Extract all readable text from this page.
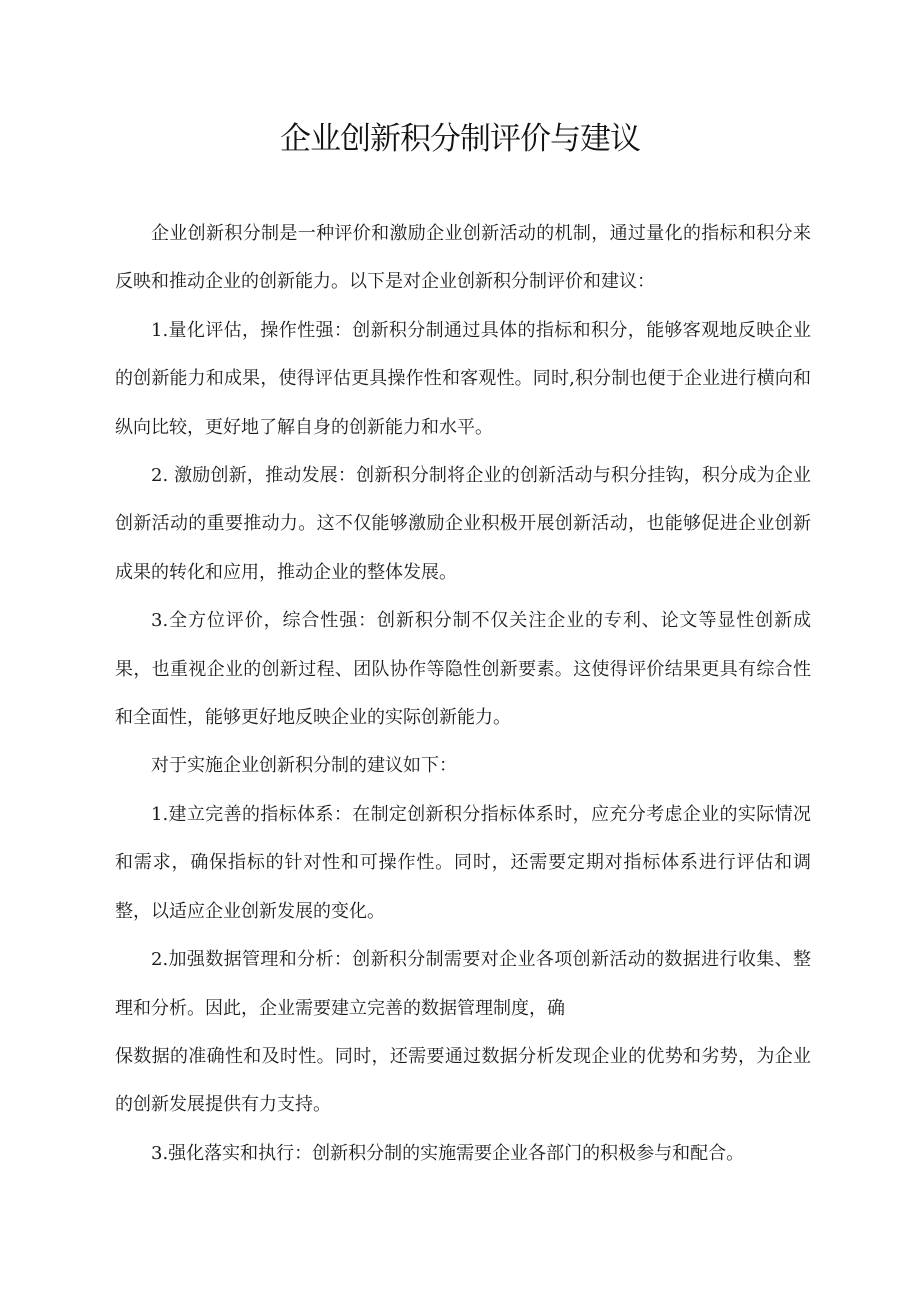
企业创新积分制评价与建议

企业创新积分制是一种评价和激励企业创新活动的机制，通过量化的指标和积分来反映和推动企业的创新能力。以下是对企业创新积分制评价和建议：

1.量化评估，操作性强：创新积分制通过具体的指标和积分，能够客观地反映企业的创新能力和成果，使得评估更具操作性和客观性。同时,积分制也便于企业进行横向和纵向比较，更好地了解自身的创新能力和水平。

2. 激励创新，推动发展：创新积分制将企业的创新活动与积分挂钩，积分成为企业创新活动的重要推动力。这不仅能够激励企业积极开展创新活动，也能够促进企业创新成果的转化和应用，推动企业的整体发展。

3.全方位评价，综合性强：创新积分制不仅关注企业的专利、论文等显性创新成果，也重视企业的创新过程、团队协作等隐性创新要素。这使得评价结果更具有综合性和全面性，能够更好地反映企业的实际创新能力。

对于实施企业创新积分制的建议如下：

1.建立完善的指标体系：在制定创新积分指标体系时，应充分考虑企业的实际情况和需求，确保指标的针对性和可操作性。同时，还需要定期对指标体系进行评估和调整，以适应企业创新发展的变化。

2.加强数据管理和分析：创新积分制需要对企业各项创新活动的数据进行收集、整理和分析。因此，企业需要建立完善的数据管理制度，确

保数据的准确性和及时性。同时，还需要通过数据分析发现企业的优势和劣势，为企业的创新发展提供有力支持。

3.强化落实和执行：创新积分制的实施需要企业各部门的积极参与和配合。
